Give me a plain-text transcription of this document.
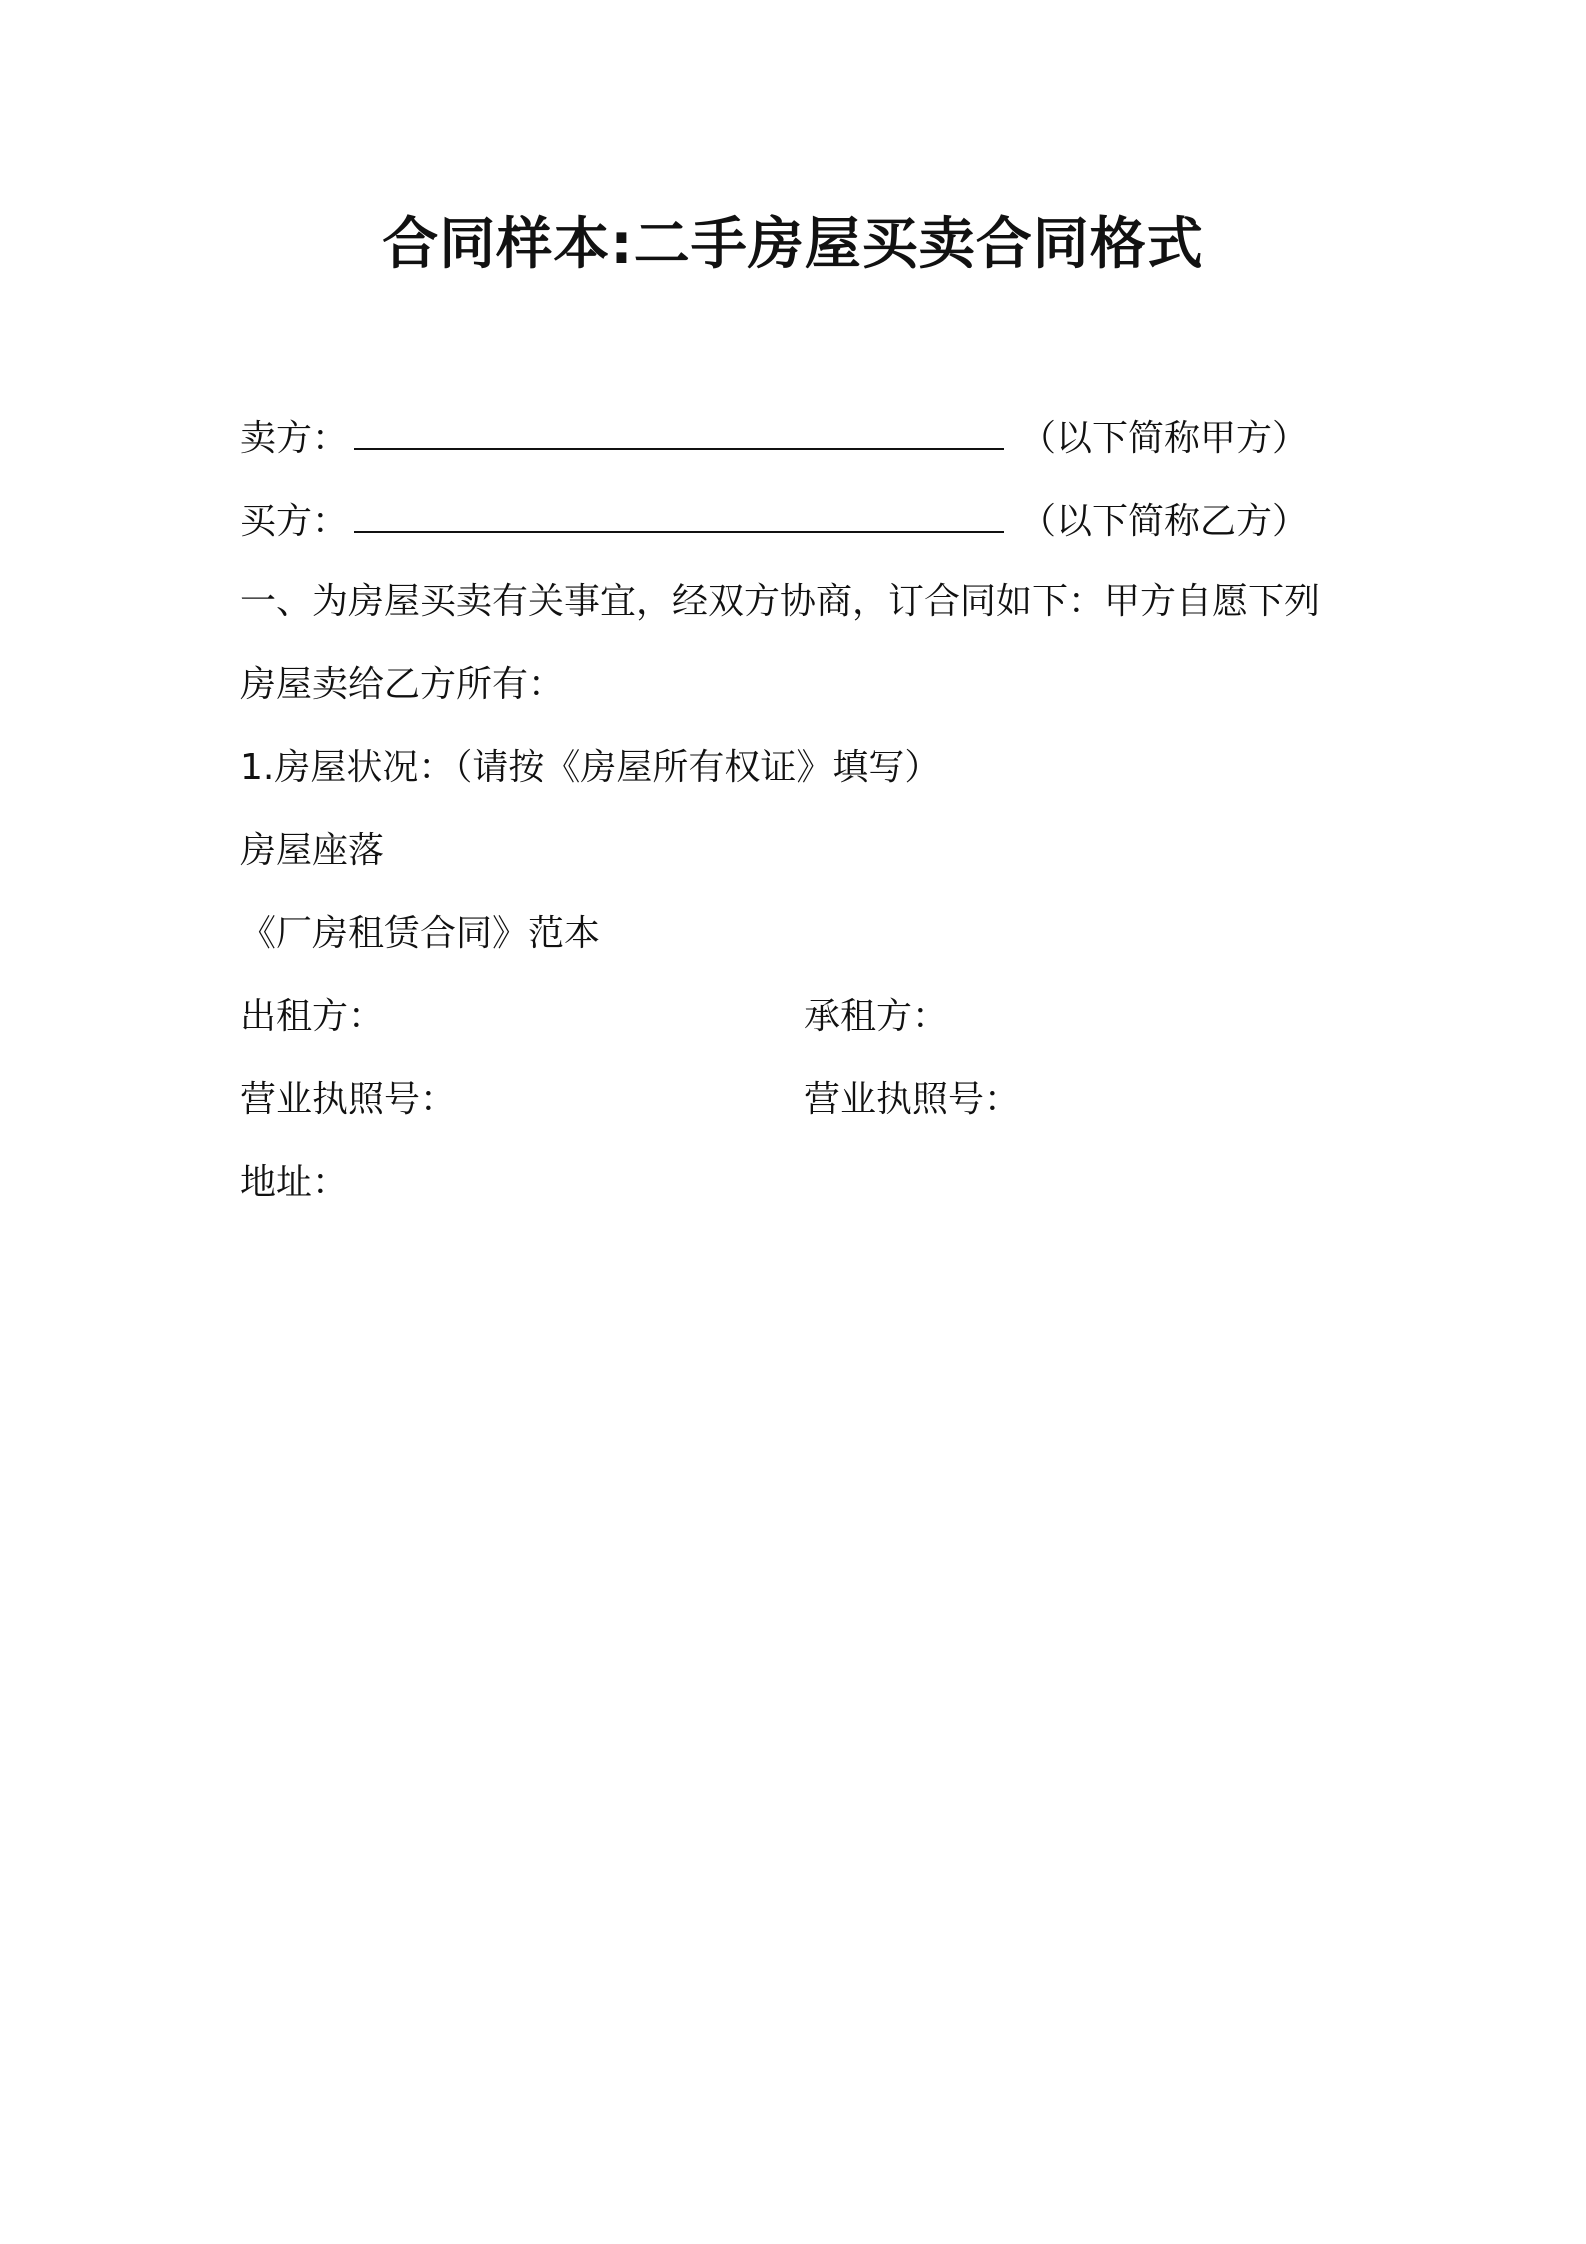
合同样本:二手房屋买卖合同格式
卖方：	（以下简称甲方）
买方：	（以下简称乙方）
一、为房屋买卖有关事宜，经双方协商，订合同如下：甲方自愿下列
房屋卖给乙方所有：
1.房屋状况：（请按《房屋所有权证》填写）
房屋座落
《厂房租赁合同》范本
出租方：	承租方：
营业执照号：	营业执照号：
地址：
